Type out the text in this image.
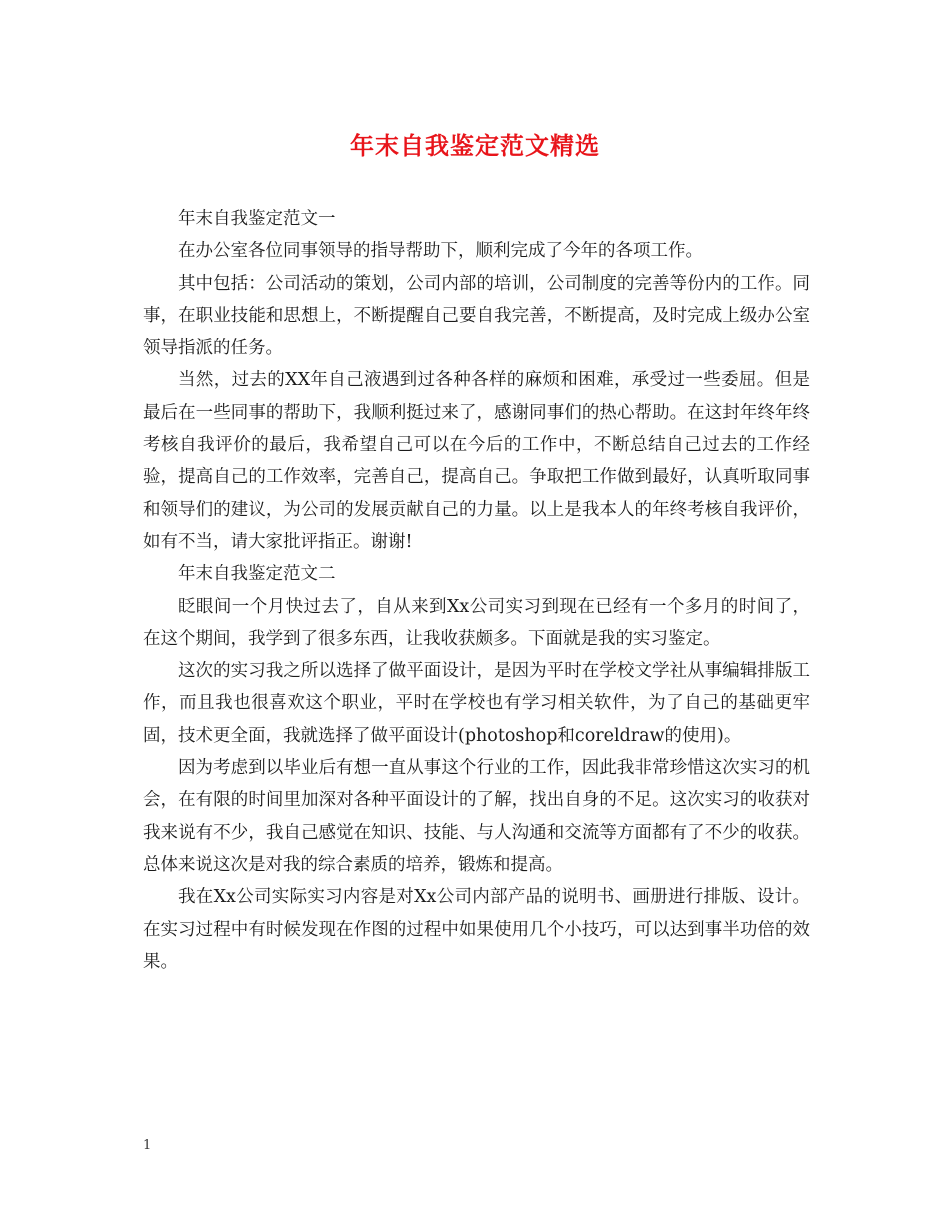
年末自我鉴定范文精选

年末自我鉴定范文一

在办公室各位同事领导的指导帮助下，顺利完成了今年的各项工作。

其中包括：公司活动的策划，公司内部的培训，公司制度的完善等份内的工作。同事，在职业技能和思想上，不断提醒自己要自我完善，不断提高，及时完成上级办公室领导指派的任务。

当然，过去的XX年自己液遇到过各种各样的麻烦和困难，承受过一些委屈。但是最后在一些同事的帮助下，我顺利挺过来了，感谢同事们的热心帮助。在这封年终年终考核自我评价的最后，我希望自己可以在今后的工作中，不断总结自己过去的工作经验，提高自己的工作效率，完善自己，提高自己。争取把工作做到最好，认真听取同事和领导们的建议，为公司的发展贡献自己的力量。以上是我本人的年终考核自我评价，如有不当，请大家批评指正。谢谢!

年末自我鉴定范文二

眨眼间一个月快过去了，自从来到Xx公司实习到现在已经有一个多月的时间了，在这个期间，我学到了很多东西，让我收获颇多。下面就是我的实习鉴定。

这次的实习我之所以选择了做平面设计，是因为平时在学校文学社从事编辑排版工作，而且我也很喜欢这个职业，平时在学校也有学习相关软件，为了自己的基础更牢固，技术更全面，我就选择了做平面设计(photoshop和coreldraw的使用)。

因为考虑到以毕业后有想一直从事这个行业的工作，因此我非常珍惜这次实习的机会，在有限的时间里加深对各种平面设计的了解，找出自身的不足。这次实习的收获对我来说有不少，我自己感觉在知识、技能、与人沟通和交流等方面都有了不少的收获。总体来说这次是对我的综合素质的培养，锻炼和提高。

我在Xx公司实际实习内容是对Xx公司内部产品的说明书、画册进行排版、设计。在实习过程中有时候发现在作图的过程中如果使用几个小技巧，可以达到事半功倍的效果。

1
